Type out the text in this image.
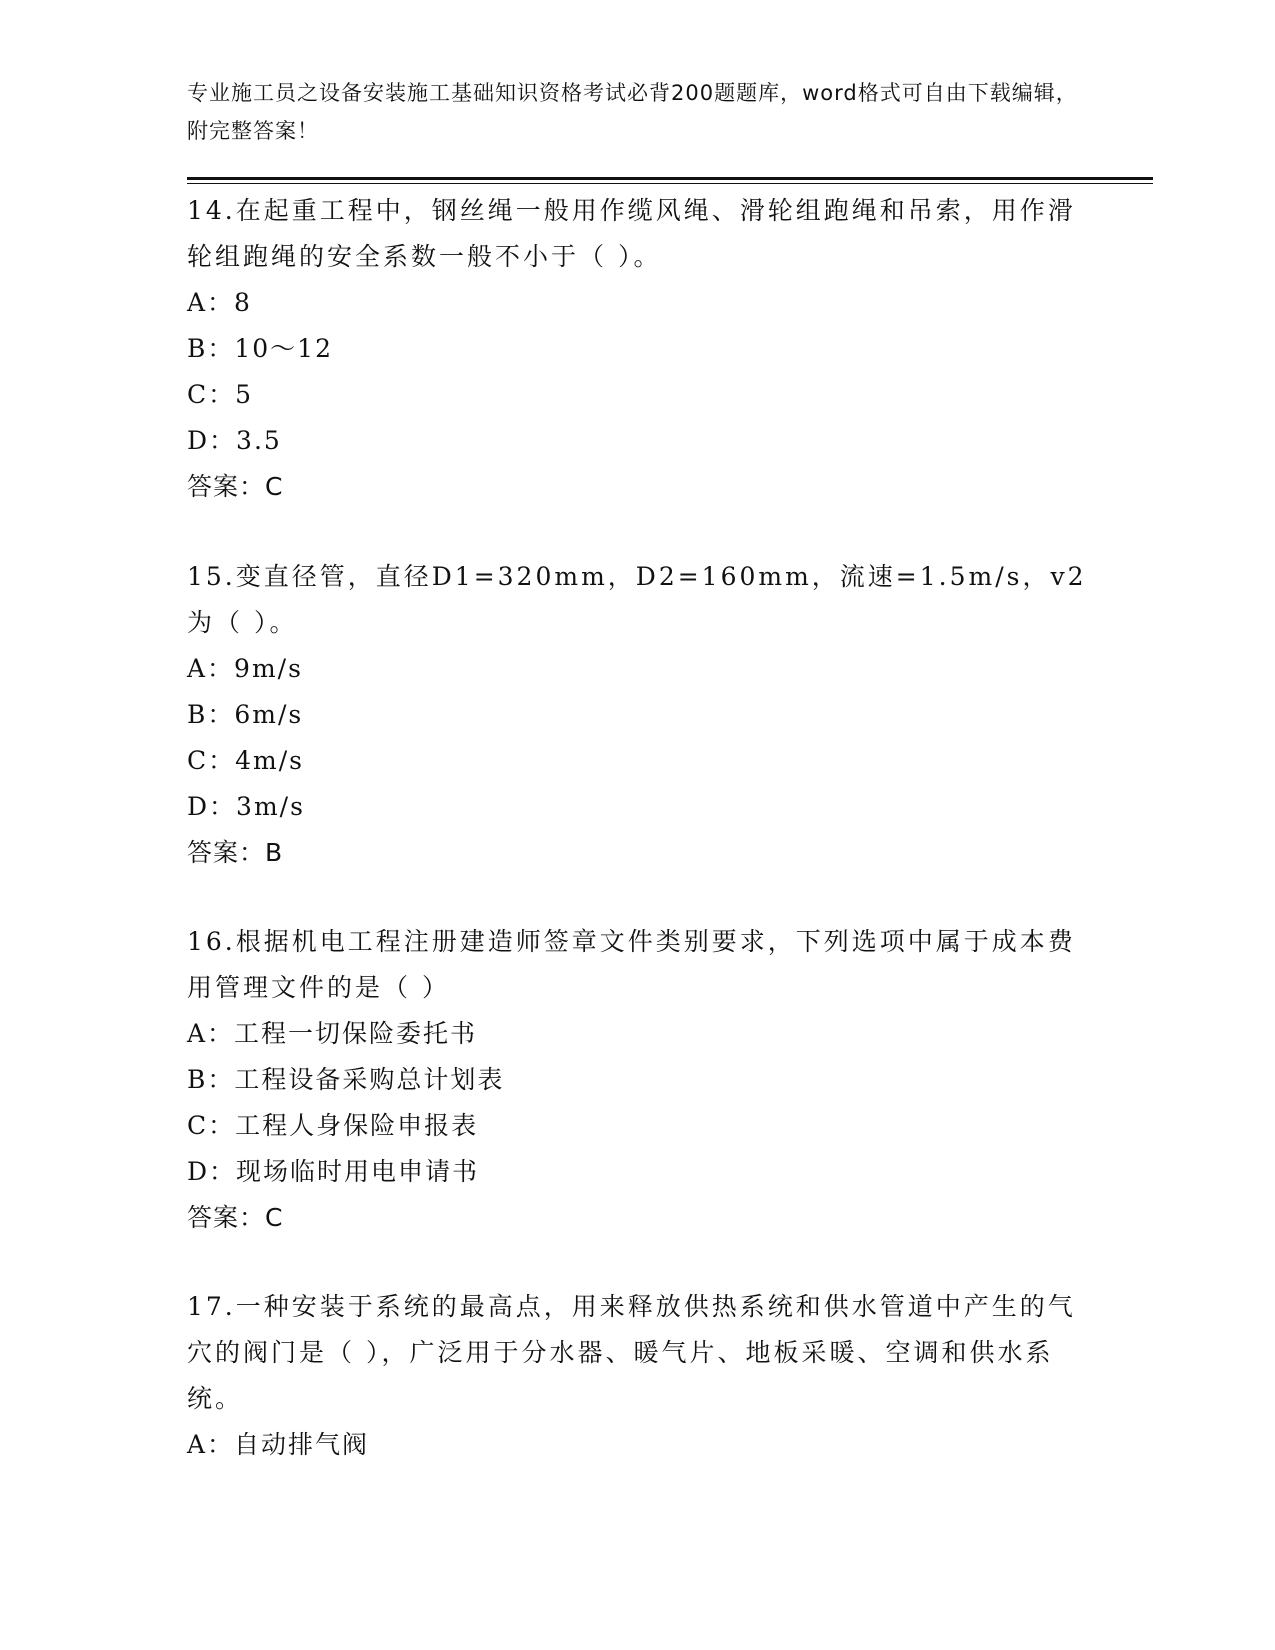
专业施工员之设备安装施工基础知识资格考试必背200题题库，word格式可自由下载编辑，附完整答案！
14.在起重工程中，钢丝绳一般用作缆风绳、滑轮组跑绳和吊索，用作滑轮组跑绳的安全系数一般不小于（ ）。
A：8
B：10～12
C：5
D：3.5
答案：C
15.变直径管，直径D1=320mm，D2=160mm，流速=1.5m/s，v2为（ ）。
A：9m/s
B：6m/s
C：4m/s
D：3m/s
答案：B
16.根据机电工程注册建造师签章文件类别要求，下列选项中属于成本费用管理文件的是（ ）
A：工程一切保险委托书
B：工程设备采购总计划表
C：工程人身保险申报表
D：现场临时用电申请书
答案：C
17.一种安装于系统的最高点，用来释放供热系统和供水管道中产生的气穴的阀门是（ ），广泛用于分水器、暖气片、地板采暖、空调和供水系统。
A：自动排气阀
